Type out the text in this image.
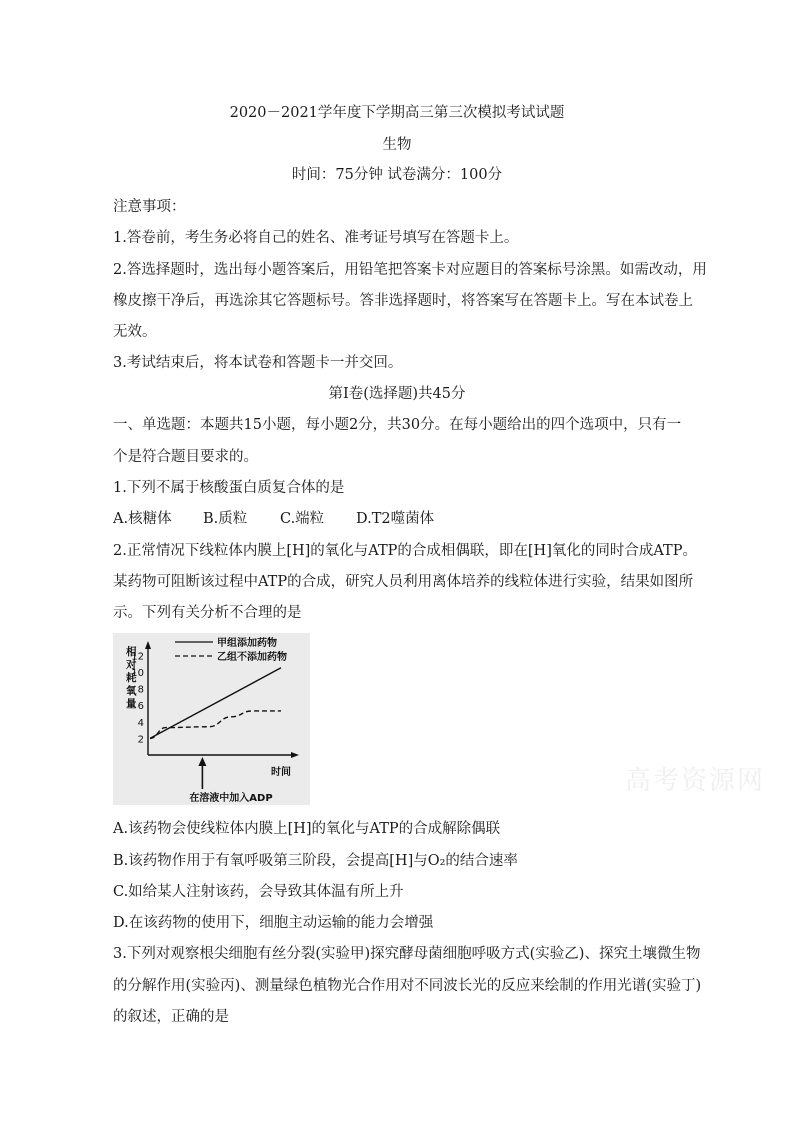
2020－2021学年度下学期高三第三次模拟考试试题
生物
时间：75分钟 试卷满分：100分
注意事项：
1.答卷前，考生务必将自己的姓名、准考证号填写在答题卡上。
2.答选择题时，选出每小题答案后，用铅笔把答案卡对应题目的答案标号涂黑。如需改动，用
橡皮擦干净后，再选涂其它答题标号。答非选择题时，将答案写在答题卡上。写在本试卷上
无效。
3.考试结束后，将本试卷和答题卡一并交回。
第Ⅰ卷(选择题)共45分
一、单选题：本题共15小题，每小题2分，共30分。在每小题给出的四个选项中，只有一
个是符合题目要求的。
1.下列不属于核酸蛋白质复合体的是
A.核糖体 B.质粒 C.端粒 D.T2噬菌体
2.正常情况下线粒体内膜上[H]的氧化与ATP的合成相偶联，即在[H]氧化的同时合成ATP。
某药物可阻断该过程中ATP的合成，研究人员利用离体培养的线粒体进行实验，结果如图所
示。下列有关分析不合理的是
相对耗氧量
2
4
6
8
10
12
甲组添加药物
乙组不添加药物
时间
在溶液中加入ADP
A.该药物会使线粒体内膜上[H]的氧化与ATP的合成解除偶联
B.该药物作用于有氧呼吸第三阶段，会提高[H]与O₂的结合速率
C.如给某人注射该药，会导致其体温有所上升
D.在该药物的使用下，细胞主动运输的能力会增强
3.下列对观察根尖细胞有丝分裂(实验甲)探究酵母菌细胞呼吸方式(实验乙)、探究土壤微生物
的分解作用(实验丙)、测量绿色植物光合作用对不同波长光的反应来绘制的作用光谱(实验丁)
的叙述，正确的是
高考资源网
